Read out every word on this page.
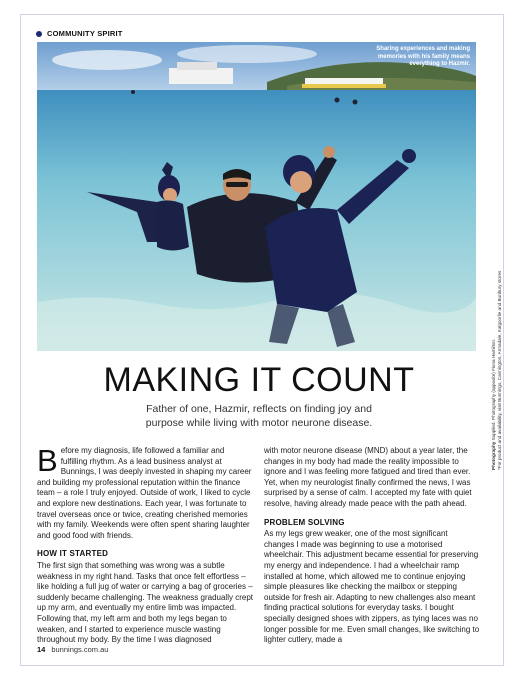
COMMUNITY SPIRIT
Sharing experiences and making memories with his family means everything to Hazmir.
MAKING IT COUNT
Father of one, Hazmir, reflects on finding joy and purpose while living with motor neurone disease.

Before my diagnosis, life followed a familiar and fulfilling rhythm. As a lead business analyst at Bunnings, I was deeply invested in shaping my career and building my professional reputation within the finance team – a role I truly enjoyed. Outside of work, I liked to cycle and explore new destinations. Each year, I was fortunate to travel overseas once or twice, creating cherished memories with my family. Weekends were often spent sharing laughter and good food with friends.

HOW IT STARTED

The first sign that something was wrong was a subtle weakness in my right hand. Tasks that once felt effortless – like holding a full jug of water or carrying a bag of groceries – suddenly became challenging. The weakness gradually crept up my arm, and eventually my entire limb was impacted. Following that, my left arm and both my legs began to weaken, and I started to experience muscle wasting throughout my body. By the time I was diagnosed

with motor neurone disease (MND) about a year later, the changes in my body had made the reality impossible to ignore and I was feeling more fatigued and tired than ever. Yet, when my neurologist finally confirmed the news, I was surprised by a sense of calm. I accepted my fate with quiet resolve, having already made peace with the path ahead.

PROBLEM SOLVING

As my legs grew weaker, one of the most significant changes I made was beginning to use a motorised wheelchair. This adjustment became essential for preserving my energy and independence. I had a wheelchair ramp installed at home, which allowed me to continue enjoying simple pleasures like checking the mailbox or stepping outside for fresh air. Adapting to new challenges also meant finding practical solutions for everyday tasks. I bought specially designed shoes with zippers, as tying laces was no longer possible for me. Even small changes, like switching to lighter cutlery, made a

Photography Supplied. Photography (opposite) Fiona Hamilton. *For product and availability, visit Bunnings, Cannington, Armadale, Kalgoorlie and Bunbury stores
14 bunnings.com.au
